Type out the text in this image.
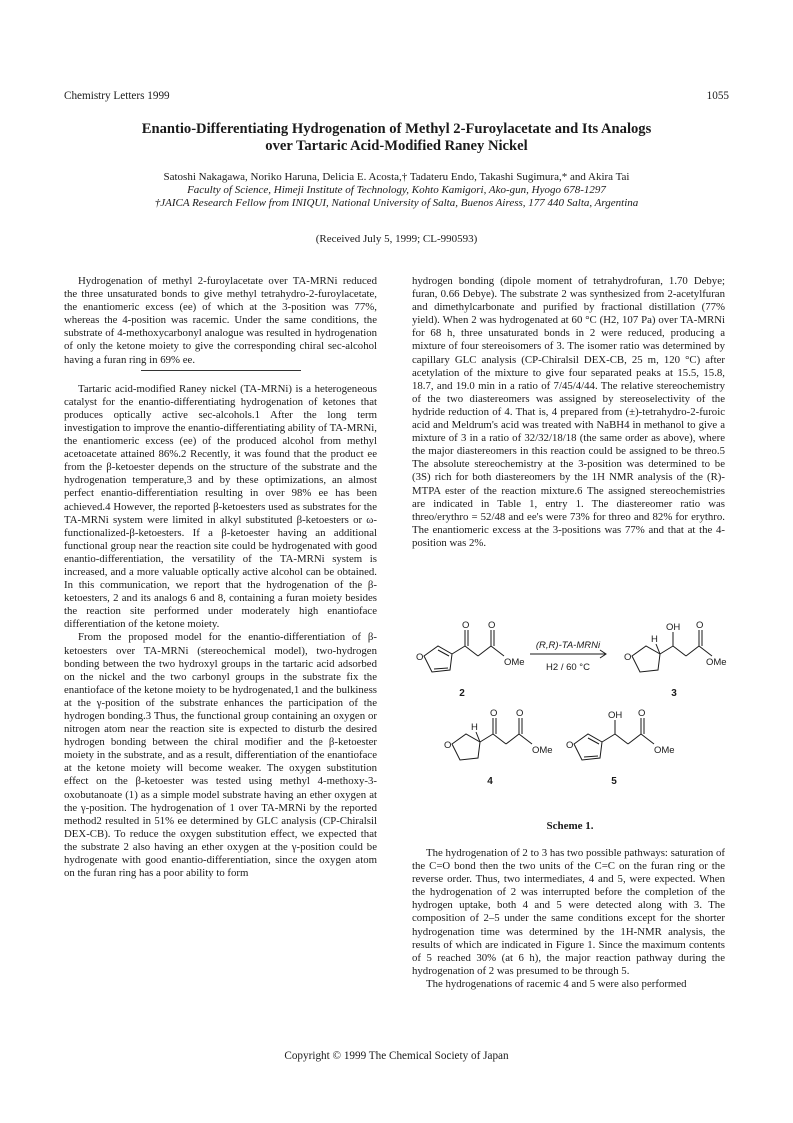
Chemistry Letters 1999	1055
Enantio-Differentiating Hydrogenation of Methyl 2-Furoylacetate and Its Analogs
over Tartaric Acid-Modified Raney Nickel
Satoshi Nakagawa, Noriko Haruna, Delicia E. Acosta,† Tadateru Endo, Takashi Sugimura,* and Akira Tai
Faculty of Science, Himeji Institute of Technology, Kohto Kamigori, Ako-gun, Hyogo 678-1297
†JAICA Research Fellow from INIQUI, National University of Salta, Buenos Airess, 177 440 Salta, Argentina
(Received July 5, 1999; CL-990593)

Hydrogenation of methyl 2-furoylacetate over TA-MRNi reduced the three unsaturated bonds to give methyl tetrahydro-2-furoylacetate, the enantiomeric excess (ee) of which at the 3-position was 77%, whereas the 4-position was racemic. Under the same conditions, the substrate of 4-methoxycarbonyl analogue was resulted in hydrogenation of only the ketone moiety to give the corresponding chiral sec-alcohol having a furan ring in 69% ee.

Tartaric acid-modified Raney nickel (TA-MRNi) is a heterogeneous catalyst for the enantio-differentiating hydrogenation of ketones that produces optically active sec-alcohols.1 After the long term investigation to improve the enantio-differentiating ability of TA-MRNi, the enantiomeric excess (ee) of the produced alcohol from methyl acetoacetate attained 86%.2 Recently, it was found that the product ee from the β-ketoester depends on the structure of the substrate and the hydrogenation temperature,3 and by these optimizations, an almost perfect enantio-differentiation resulting in over 98% ee has been achieved.4 However, the reported β-ketoesters used as substrates for the TA-MRNi system were limited in alkyl substituted β-ketoesters or ω-functionalized-β-ketoesters. If a β-ketoester having an additional functional group near the reaction site could be hydrogenated with good enantio-differentiation, the versatility of the TA-MRNi system is increased, and a more valuable optically active alcohol can be obtained. In this communication, we report that the hydrogenation of the β-ketoesters, 2 and its analogs 6 and 8, containing a furan moiety besides the reaction site performed under moderately high enantioface differentiation of the ketone moiety.

From the proposed model for the enantio-differentiation of β-ketoesters over TA-MRNi (stereochemical model), two-hydrogen bonding between the two hydroxyl groups in the tartaric acid adsorbed on the nickel and the two carbonyl groups in the substrate fix the enantioface of the ketone moiety to be hydrogenated,1 and the bulkiness at the γ-position of the substrate enhances the participation of the hydrogen bonding.3 Thus, the functional group containing an oxygen or nitrogen atom near the reaction site is expected to disturb the desired hydrogen bonding between the chiral modifier and the β-ketoester moiety in the substrate, and as a result, differentiation of the enantioface at the ketone moiety will become weaker. The oxygen substitution effect on the β-ketoester was tested using methyl 4-methoxy-3-oxobutanoate (1) as a simple model substrate having an ether oxygen at the γ-position. The hydrogenation of 1 over TA-MRNi by the reported method2 resulted in 51% ee determined by GLC analysis (CP-Chiralsil DEX-CB). To reduce the oxygen substitution effect, we expected that the substrate 2 also having an ether oxygen at the γ-position could be hydrogenate with good enantio-differentiation, since the oxygen atom on the furan ring has a poor ability to form

hydrogen bonding (dipole moment of tetrahydrofuran, 1.70 Debye; furan, 0.66 Debye). The substrate 2 was synthesized from 2-acetylfuran and dimethylcarbonate and purified by fractional distillation (77% yield). When 2 was hydrogenated at 60 °C (H2, 107 Pa) over TA-MRNi for 68 h, three unsaturated bonds in 2 were reduced, producing a mixture of four stereoisomers of 3. The isomer ratio was determined by capillary GLC analysis (CP-Chiralsil DEX-CB, 25 m, 120 °C) after acetylation of the mixture to give four separated peaks at 15.5, 15.8, 18.7, and 19.0 min in a ratio of 7/45/4/44. The relative stereochemistry of the two diastereomers was assigned by stereoselectivity of the hydride reduction of 4. That is, 4 prepared from (±)-tetrahydro-2-furoic acid and Meldrum's acid was treated with NaBH4 in methanol to give a mixture of 3 in a ratio of 32/32/18/18 (the same order as above), where the major diastereomers in this reaction could be assigned to be threo.5 The absolute stereochemistry at the 3-position was determined to be (3S) rich for both diastereomers by the 1H NMR analysis of the (R)-MTPA ester of the reaction mixture.6 The assigned stereochemistries are indicated in Table 1, entry 1. The diastereomer ratio was threo/erythro = 52/48 and ee's were 73% for threo and 82% for erythro. The enantiomeric excess at the 3-positions was 77% and that at the 4-position was 2%.

O
O O
OMe
(R,R)-TA-MRNi
H2 / 60 °C
O
H
OH O
OMe
O
H
O O
OMe O
OH O
OMe
2	3
4	5
Scheme 1.

The hydrogenation of 2 to 3 has two possible pathways: saturation of the C=O bond then the two units of the C=C on the furan ring or the reverse order. Thus, two intermediates, 4 and 5, were expected. When the hydrogenation of 2 was interrupted before the completion of the hydrogen uptake, both 4 and 5 were detected along with 3. The composition of 2–5 under the same conditions except for the shorter hydrogenation time was determined by the 1H-NMR analysis, the results of which are indicated in Figure 1. Since the maximum contents of 5 reached 30% (at 6 h), the major reaction pathway during the hydrogenation of 2 was presumed to be through 5.

The hydrogenations of racemic 4 and 5 were also performed

Copyright © 1999 The Chemical Society of Japan
